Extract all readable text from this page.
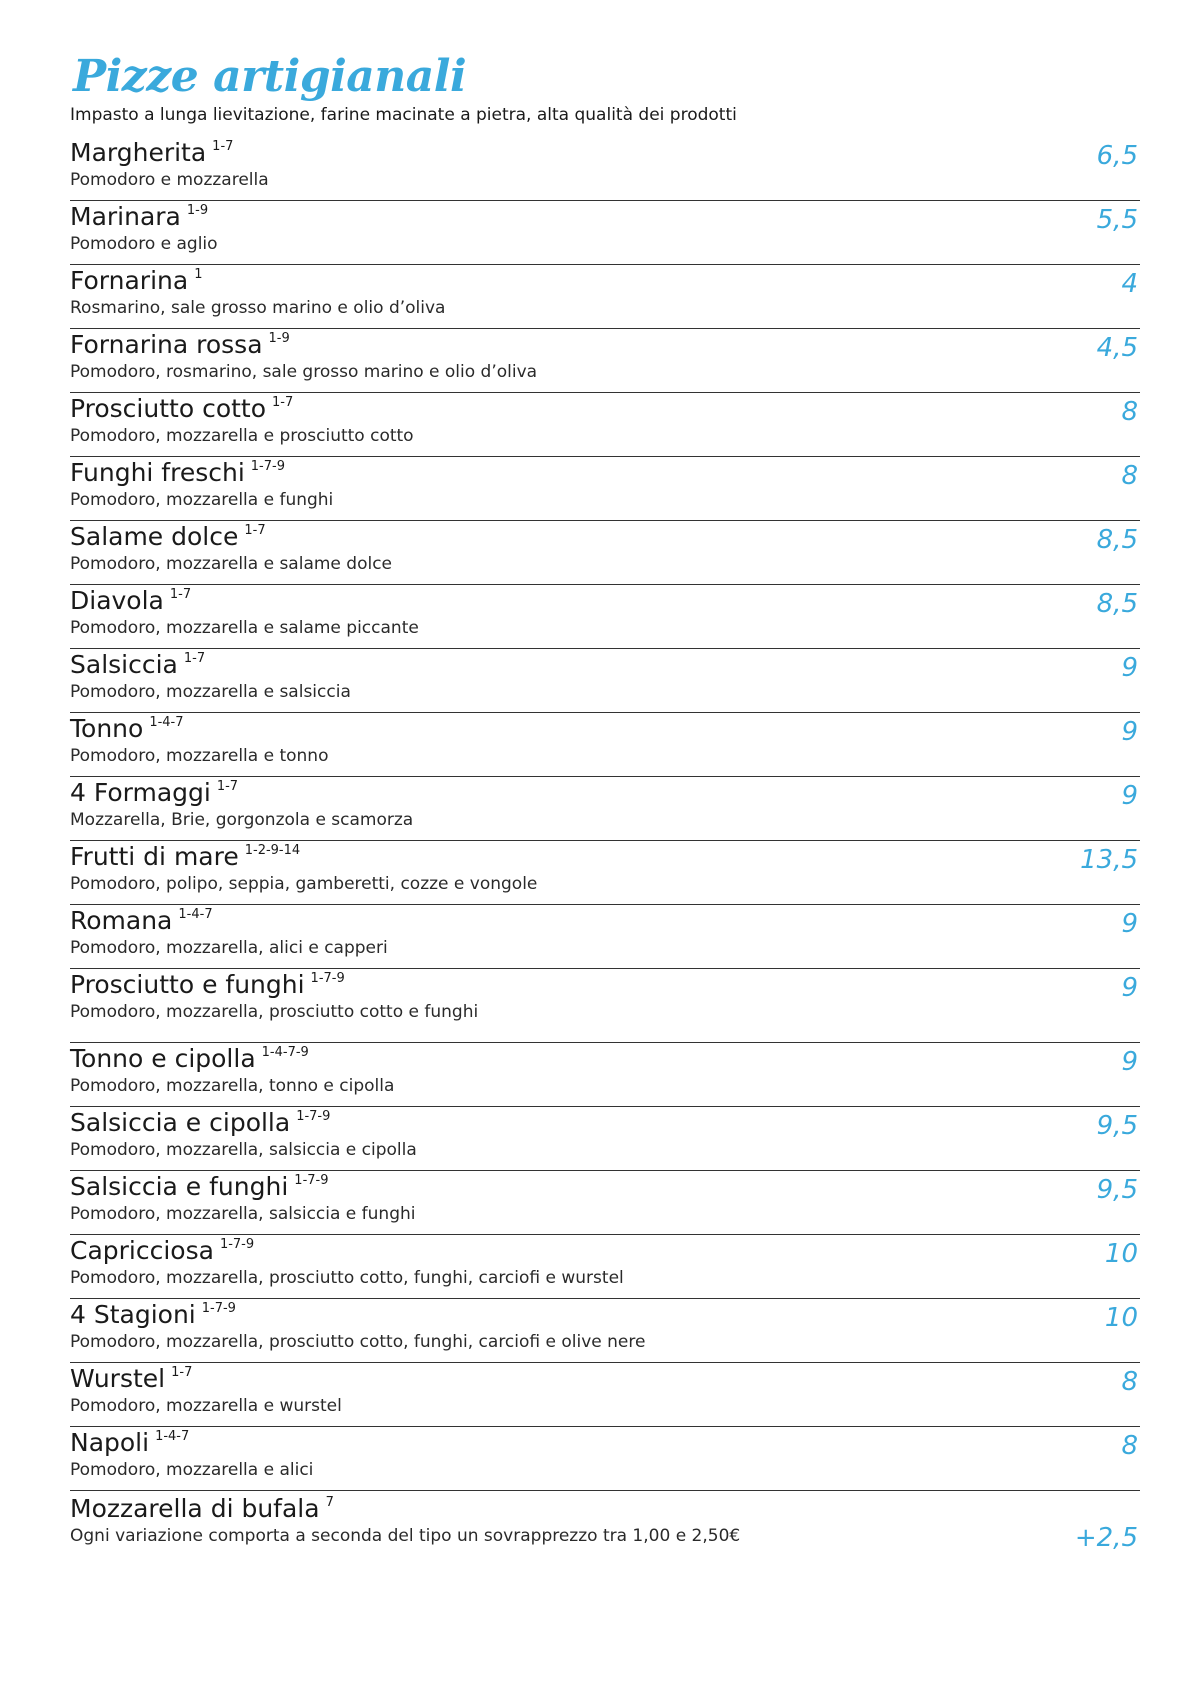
Pizze artigianali
Impasto a lunga lievitazione, farine macinate a pietra, alta qualità dei prodotti
Margherita $^{1-7}$
Pomodoro e mozzarella
6,5
Marinara $^{1-9}$
Pomodoro e aglio
5,5
Fornarina $^1$
Rosmarino, sale grosso marino e olio d’oliva
4
Fornarina rossa $^{1-9}$
Pomodoro, rosmarino, sale grosso marino e olio d’oliva
4,5
Prosciutto cotto $^{1-7}$
Pomodoro, mozzarella e prosciutto cotto
8
Funghi freschi $^{1-7-9}$
Pomodoro, mozzarella e funghi
8
Salame dolce $^{1-7}$
Pomodoro, mozzarella e salame dolce
8,5
Diavola $^{1-7}$
Pomodoro, mozzarella e salame piccante
8,5
Salsiccia $^{1-7}$
Pomodoro, mozzarella e salsiccia
9
Tonno $^{1-4-7}$
Pomodoro, mozzarella e tonno
9
4 Formaggi $^{1-7}$
Mozzarella, Brie, gorgonzola e scamorza
9
Frutti di mare $^{1-2-9-14}$
Pomodoro, polipo, seppia, gamberetti, cozze e vongole
13,5
Romana $^{1-4-7}$
Pomodoro, mozzarella, alici e capperi
9
Prosciutto e funghi $^{1-7-9}$
Pomodoro, mozzarella, prosciutto cotto e funghi
9
Tonno e cipolla $^{1-4-7-9}$
Pomodoro, mozzarella, tonno e cipolla
9
Salsiccia e cipolla $^{1-7-9}$
Pomodoro, mozzarella, salsiccia e cipolla
9,5
Salsiccia e funghi $^{1-7-9}$
Pomodoro, mozzarella, salsiccia e funghi
9,5
Capricciosa $^{1-7-9}$
Pomodoro, mozzarella, prosciutto cotto, funghi, carciofi e wurstel
10
4 Stagioni $^{1-7-9}$
Pomodoro, mozzarella, prosciutto cotto, funghi, carciofi e olive nere
10
Wurstel $^{1-7}$
Pomodoro, mozzarella e wurstel
8
Napoli $^{1-4-7}$
Pomodoro, mozzarella e alici
8
Mozzarella di bufala $^7$
Ogni variazione comporta a seconda del tipo un sovrapprezzo tra 1,00 e 2,50€	+2,5
